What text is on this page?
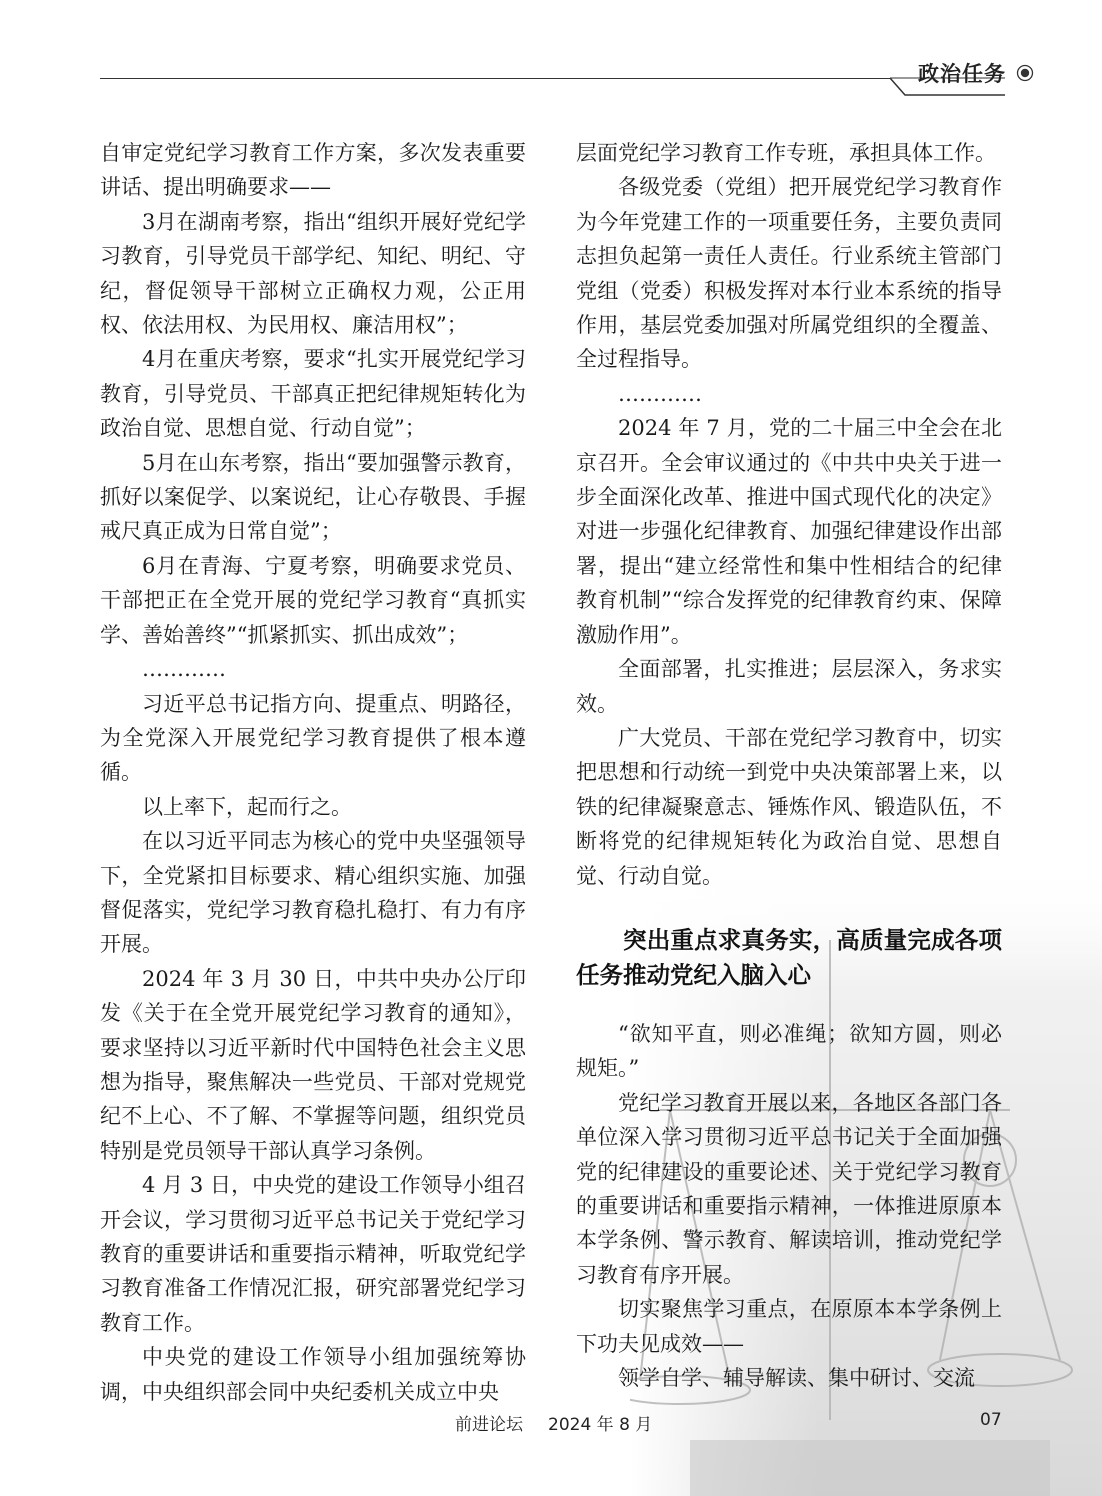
政治任务

自审定党纪学习教育工作方案，多次发表重要讲话、提出明确要求——

3月在湖南考察，指出“组织开展好党纪学习教育，引导党员干部学纪、知纪、明纪、守纪，督促领导干部树立正确权力观，公正用权、依法用权、为民用权、廉洁用权”；

4月在重庆考察，要求“扎实开展党纪学习教育，引导党员、干部真正把纪律规矩转化为政治自觉、思想自觉、行动自觉”；

5月在山东考察，指出“要加强警示教育，抓好以案促学、以案说纪，让心存敬畏、手握戒尺真正成为日常自觉”；

6月在青海、宁夏考察，明确要求党员、干部把正在全党开展的党纪学习教育“真抓实学、善始善终”“抓紧抓实、抓出成效”；

…………

习近平总书记指方向、提重点、明路径，为全党深入开展党纪学习教育提供了根本遵循。

以上率下，起而行之。

在以习近平同志为核心的党中央坚强领导下，全党紧扣目标要求、精心组织实施、加强督促落实，党纪学习教育稳扎稳打、有力有序开展。

2024 年 3 月 30 日，中共中央办公厅印发《关于在全党开展党纪学习教育的通知》，要求坚持以习近平新时代中国特色社会主义思想为指导，聚焦解决一些党员、干部对党规党纪不上心、不了解、不掌握等问题，组织党员特别是党员领导干部认真学习条例。

4 月 3 日，中央党的建设工作领导小组召开会议，学习贯彻习近平总书记关于党纪学习教育的重要讲话和重要指示精神，听取党纪学习教育准备工作情况汇报，研究部署党纪学习教育工作。

中央党的建设工作领导小组加强统筹协调，中央组织部会同中央纪委机关成立中央

层面党纪学习教育工作专班，承担具体工作。

各级党委（党组）把开展党纪学习教育作为今年党建工作的一项重要任务，主要负责同志担负起第一责任人责任。行业系统主管部门党组（党委）积极发挥对本行业本系统的指导作用，基层党委加强对所属党组织的全覆盖、全过程指导。

…………

2024 年 7 月，党的二十届三中全会在北京召开。全会审议通过的《中共中央关于进一步全面深化改革、推进中国式现代化的决定》对进一步强化纪律教育、加强纪律建设作出部署，提出“建立经常性和集中性相结合的纪律教育机制”“综合发挥党的纪律教育约束、保障激励作用”。

全面部署，扎实推进；层层深入，务求实效。

广大党员、干部在党纪学习教育中，切实把思想和行动统一到党中央决策部署上来，以铁的纪律凝聚意志、锤炼作风、锻造队伍，不断将党的纪律规矩转化为政治自觉、思想自觉、行动自觉。

突出重点求真务实，高质量完成各项任务推动党纪入脑入心

“欲知平直，则必准绳；欲知方圆，则必规矩。”

党纪学习教育开展以来，各地区各部门各单位深入学习贯彻习近平总书记关于全面加强党的纪律建设的重要论述、关于党纪学习教育的重要讲话和重要指示精神，一体推进原原本本学条例、警示教育、解读培训，推动党纪学习教育有序开展。

切实聚焦学习重点，在原原本本学条例上下功夫见成效——

领学自学、辅导解读、集中研讨、交流

前进论坛 2024 年 8 月	07
